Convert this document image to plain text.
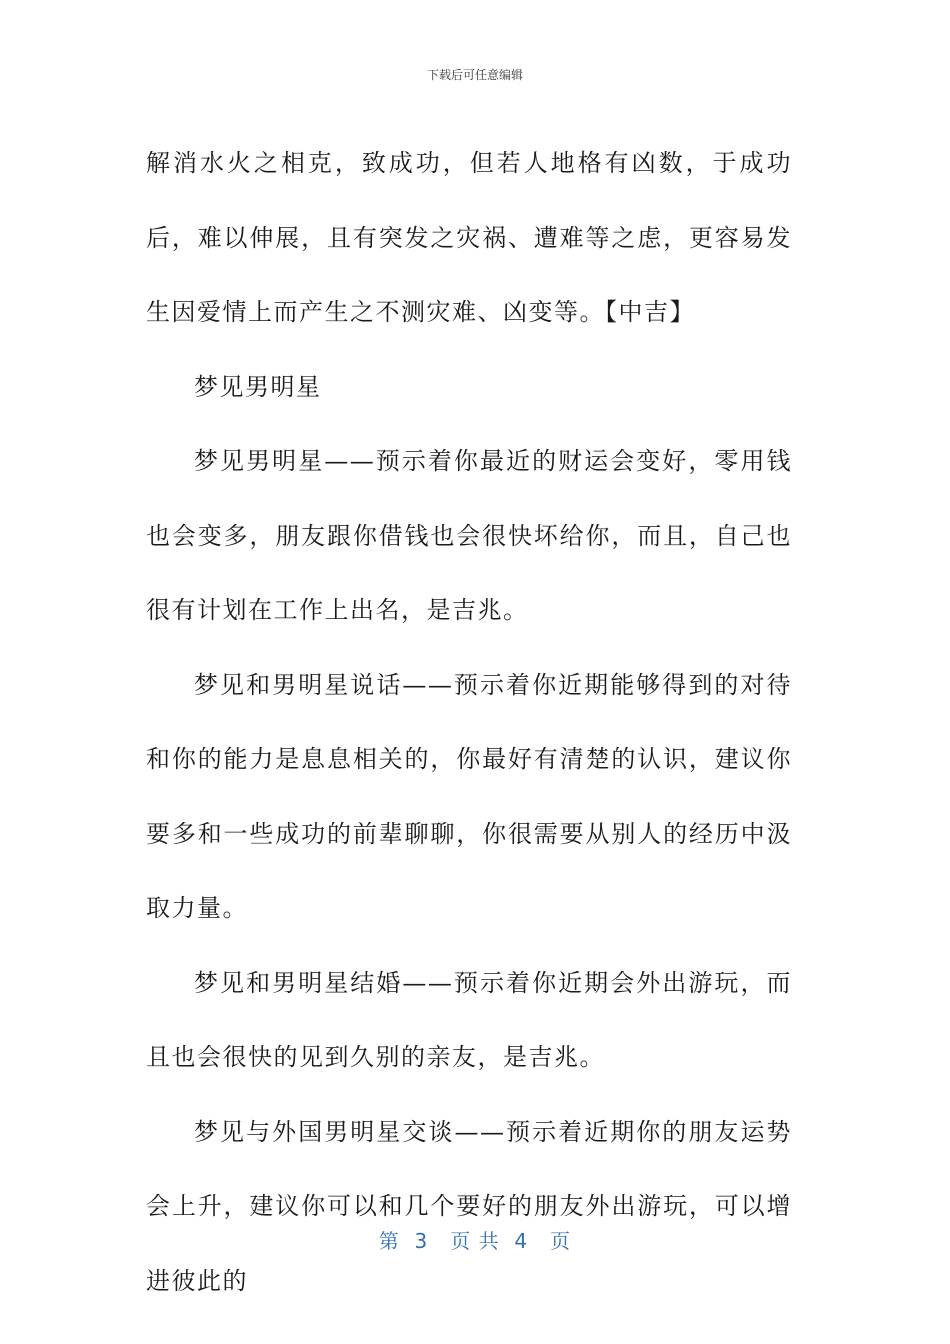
下载后可任意编辑

解消水火之相克，致成功，但若人地格有凶数，于成功后，难以伸展，且有突发之灾祸、遭难等之虑，更容易发生因爱情上而产生之不测灾难、凶变等。【中吉】

梦见男明星

梦见男明星——预示着你最近的财运会变好，零用钱也会变多，朋友跟你借钱也会很快坏给你，而且，自己也很有计划在工作上出名，是吉兆。

梦见和男明星说话——预示着你近期能够得到的对待和你的能力是息息相关的，你最好有清楚的认识，建议你要多和一些成功的前辈聊聊，你很需要从别人的经历中汲取力量。

梦见和男明星结婚——预示着你近期会外出游玩，而且也会很快的见到久别的亲友，是吉兆。

梦见与外国男明星交谈——预示着近期你的朋友运势会上升，建议你可以和几个要好的朋友外出游玩，可以增进彼此的

第  3   页 共  4   页
